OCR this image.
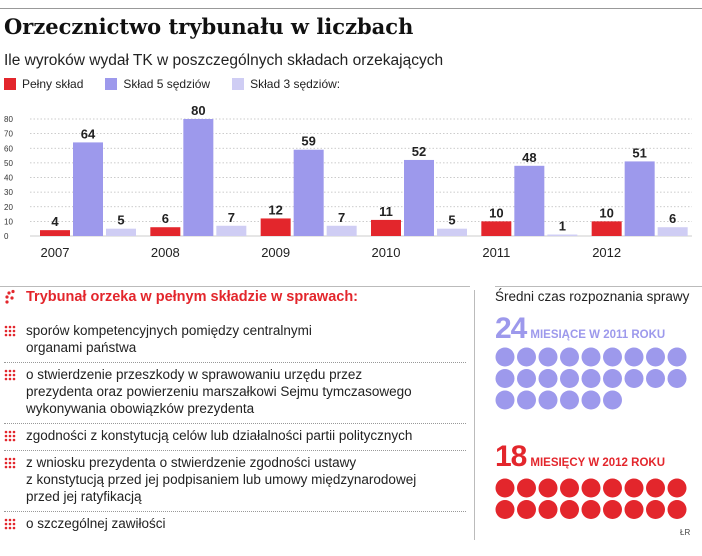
Orzecznictwo trybunału w liczbach
Ile wyroków wydał TK w poszczególnych składach orzekających
Pełny skład	Skład 5 sędziów	Skład 3 sędziów:
0
10
20
30
40
50
60
70
80
4
64
5
2007
6
80
7
2008
12
59
7
2009
11
52
5
2010
10
48
1
2011
10
51
6
2012
Trybunał orzeka w pełnym składzie w sprawach:
sporów kompetencyjnych pomiędzy centralnymi
organami państwa
o stwierdzenie przeszkody w sprawowaniu urzędu przez
prezydenta oraz powierzeniu marszałkowi Sejmu tymczasowego
wykonywania obowiązków prezydenta
zgodności z konstytucją celów lub działalności partii politycznych
z wniosku prezydenta o stwierdzenie zgodności ustawy
z konstytucją przed jej podpisaniem lub umowy międzynarodowej
przed jej ratyfikacją
o szczególnej zawiłości
Średni czas rozpoznania sprawy
24 MIESIĄCE W 2011 ROKU
18 MIESIĘCY W 2012 ROKU
ŁR
